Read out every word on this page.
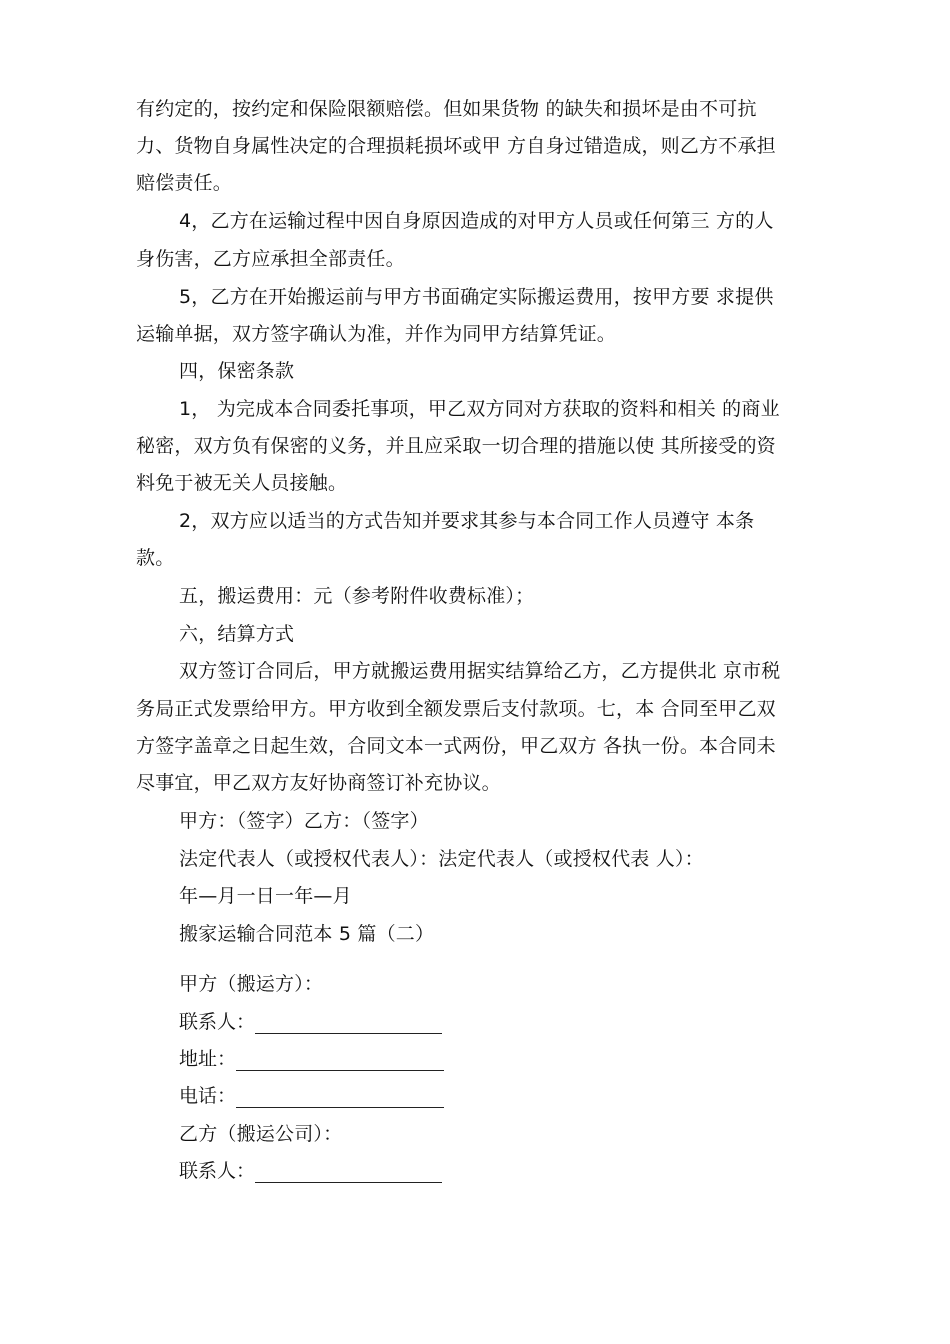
有约定的，按约定和保险限额赔偿。但如果货物 的缺失和损坏是由不可抗
力、货物自身属性决定的合理损耗损坏或甲 方自身过错造成，则乙方不承担
赔偿责任。
4，乙方在运输过程中因自身原因造成的对甲方人员或任何第三 方的人
身伤害，乙方应承担全部责任。
5，乙方在开始搬运前与甲方书面确定实际搬运费用，按甲方要 求提供
运输单据，双方签字确认为准，并作为同甲方结算凭证。
四，保密条款
1， 为完成本合同委托事项，甲乙双方同对方获取的资料和相关 的商业
秘密，双方负有保密的义务，并且应采取一切合理的措施以使 其所接受的资
料免于被无关人员接触。
2，双方应以适当的方式告知并要求其参与本合同工作人员遵守 本条
款。
五，搬运费用：元（参考附件收费标准）；
六，结算方式
双方签订合同后，甲方就搬运费用据实结算给乙方，乙方提供北 京市税
务局正式发票给甲方。甲方收到全额发票后支付款项。七，本 合同至甲乙双
方签字盖章之日起生效，合同文本一式两份，甲乙双方 各执一份。本合同未
尽事宜，甲乙双方友好协商签订补充协议。
甲方：（签字）乙方：（签字）
法定代表人（或授权代表人）：法定代表人（或授权代表 人）：
年—月一日一年—月
搬家运输合同范本 5 篇（二）
甲方（搬运方）：
联系人：
地址：
电话：
乙方（搬运公司）：
联系人：
